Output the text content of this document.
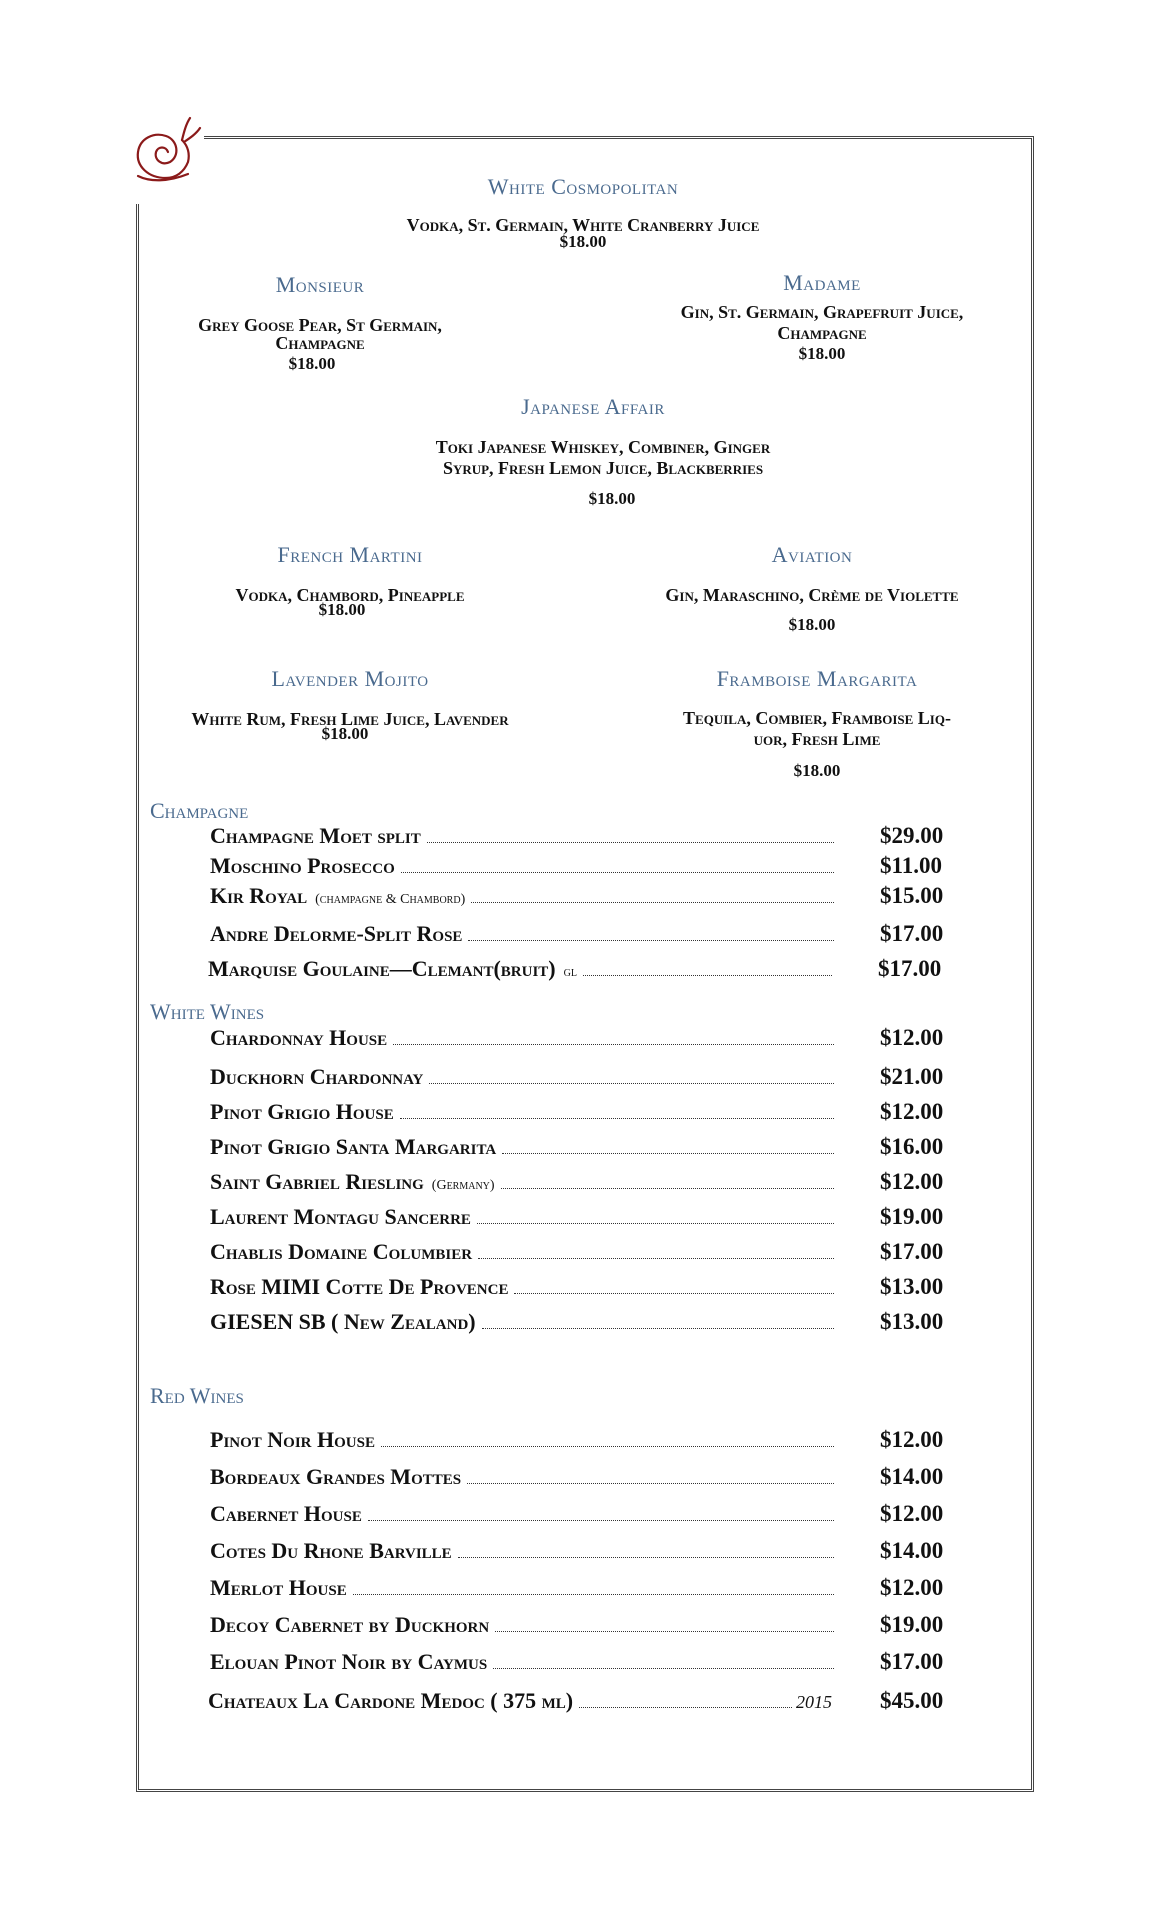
White Cosmopolitan
Vodka, St. Germain, White Cranberry Juice
$18.00
Monsieur
Grey Goose Pear, St Germain,
Champagne
$18.00
Madame
Gin, St. Germain, Grapefruit Juice,
Champagne
$18.00
Japanese Affair
Toki Japanese Whiskey, Combiner, Ginger
Syrup, Fresh Lemon Juice, Blackberries
$18.00
French Martini
Vodka, Chambord, Pineapple
$18.00
Aviation
Gin, Maraschino, Crème de Violette
$18.00
Lavender Mojito
White Rum, Fresh Lime Juice, Lavender
$18.00
Framboise Margarita
Tequila, Combier, Framboise Liq-
uor, Fresh Lime
$18.00
Champagne
Champagne Moet split	$29.00
Moschino Prosecco	$11.00
Kir Royal (champagne & Chambord)	$15.00
Andre Delorme-Split Rose	$17.00
Marquise Goulaine—Clemant(bruit) gl	$17.00
White Wines
Chardonnay House	$12.00
Duckhorn Chardonnay	$21.00
Pinot Grigio House	$12.00
Pinot Grigio Santa Margarita	$16.00
Saint Gabriel Riesling (Germany)	$12.00
Laurent Montagu Sancerre	$19.00
Chablis Domaine Columbier	$17.00
Rose MIMI Cotte De Provence	$13.00
GIESEN SB ( New Zealand)	$13.00
Red Wines
Pinot Noir House	$12.00
Bordeaux Grandes Mottes	$14.00
Cabernet House	$12.00
Cotes Du Rhone Barville	$14.00
Merlot House	$12.00
Decoy Cabernet by Duckhorn	$19.00
Elouan Pinot Noir by Caymus	$17.00
Chateaux La Cardone Medoc ( 375 ml)	2015 $45.00
